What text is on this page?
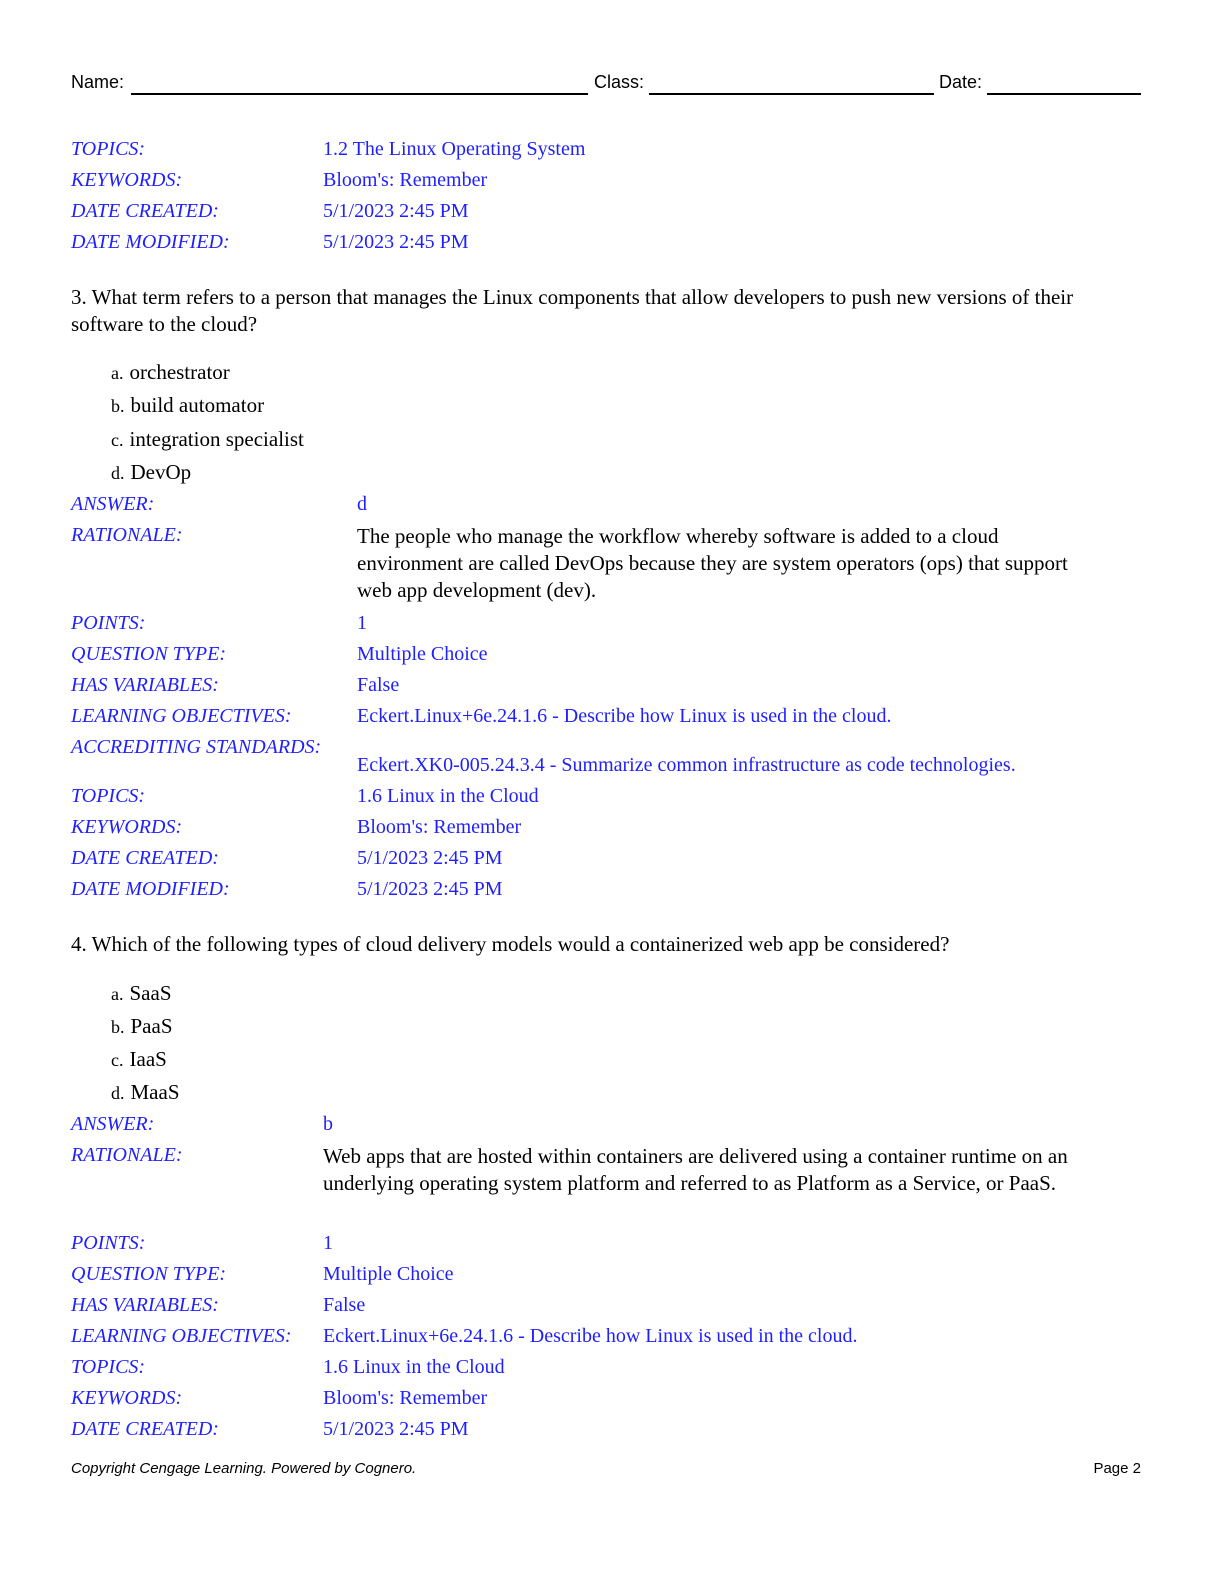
Name:	Class:	Date:
TOPICS:	1.2 The Linux Operating System
KEYWORDS:	Bloom's: Remember
DATE CREATED:	5/1/2023 2:45 PM
DATE MODIFIED:	5/1/2023 2:45 PM
3. What term refers to a person that manages the Linux components that allow developers to push new versions of their software to the cloud?
a. orchestrator
b. build automator
c. integration specialist
d. DevOp
ANSWER:	d
RATIONALE:	The people who manage the workflow whereby software is added to a cloud environment are called DevOps because they are system operators (ops) that support web app development (dev).
POINTS:	1
QUESTION TYPE:	Multiple Choice
HAS VARIABLES:	False
LEARNING OBJECTIVES:	Eckert.Linux+6e.24.1.6 - Describe how Linux is used in the cloud.
ACCREDITING STANDARDS:
Eckert.XK0-005.24.3.4 - Summarize common infrastructure as code technologies.
TOPICS:	1.6 Linux in the Cloud
KEYWORDS:	Bloom's: Remember
DATE CREATED:	5/1/2023 2:45 PM
DATE MODIFIED:	5/1/2023 2:45 PM
4. Which of the following types of cloud delivery models would a containerized web app be considered?
a. SaaS
b. PaaS
c. IaaS
d. MaaS
ANSWER:	b
RATIONALE:	Web apps that are hosted within containers are delivered using a container runtime on an underlying operating system platform and referred to as Platform as a Service, or PaaS.
POINTS:	1
QUESTION TYPE:	Multiple Choice
HAS VARIABLES:	False
LEARNING OBJECTIVES: Eckert.Linux+6e.24.1.6 - Describe how Linux is used in the cloud.
TOPICS:	1.6 Linux in the Cloud
KEYWORDS:	Bloom's: Remember
DATE CREATED:	5/1/2023 2:45 PM
Copyright Cengage Learning. Powered by Cognero.	Page 2
